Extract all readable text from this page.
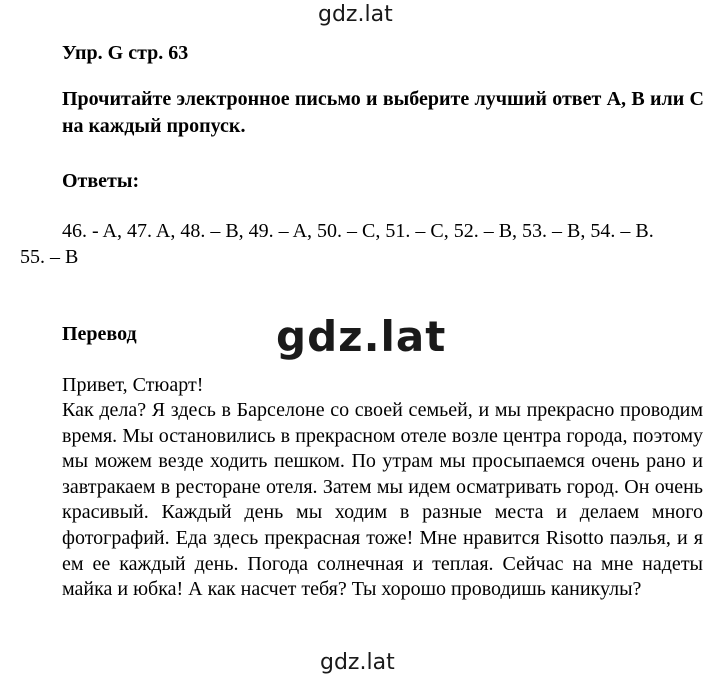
gdz.lat
Упр. G стр. 63
Прочитайте электронное письмо и выберите лучший ответ A, B или C на каждый пропуск.
Ответы:
46. - A, 47. A, 48. – B, 49. – A, 50. – C, 51. – C, 52. – B, 53. – B, 54. – B.
55. – B
Перевод	gdz.lat
Привет, Стюарт!
Как дела? Я здесь в Барселоне со своей семьей, и мы прекрасно проводим время. Мы остановились в прекрасном отеле возле центра города, поэтому мы можем везде ходить пешком. По утрам мы просыпаемся очень рано и завтракаем в ресторане отеля. Затем мы идем осматривать город. Он очень красивый. Каждый день мы ходим в разные места и делаем много фотографий. Еда здесь прекрасная тоже! Мне нравится Risotto паэлья, и я ем ее каждый день. Погода солнечная и теплая. Сейчас на мне надеты майка и юбка! А как насчет тебя? Ты хорошо проводишь каникулы?
gdz.lat
